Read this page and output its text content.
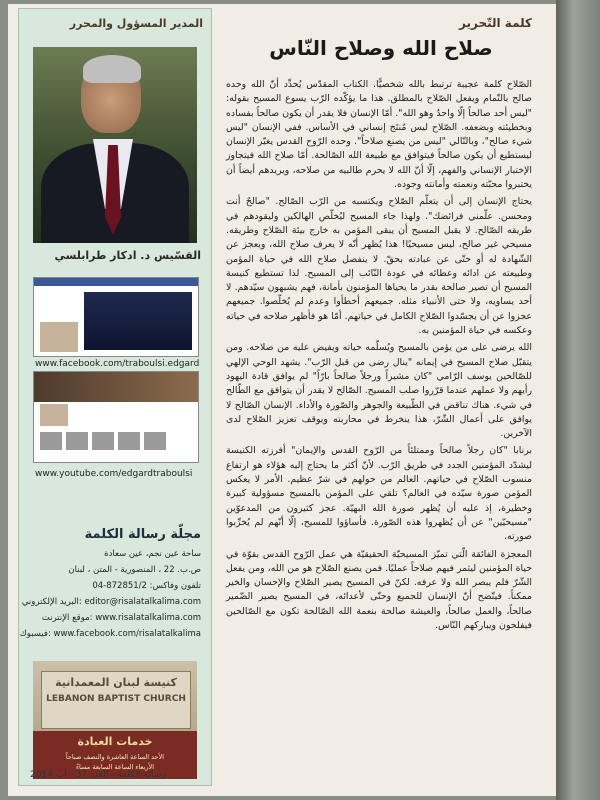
المدير المسؤول والمحرر
القسّيس د. ادكار طرابلسي
www.facebook.com/traboulsi.edgard
www.youtube.com/edgardtraboulsi
مجلّة رسالة الكلمة
ساحة عين نجم، عين سعادة
ص.ب. 22 ، المنصورية - المتن ، لبنان
تلفون وفاكس: 872851/2-04
البريد الإلكتروني: editor@risalatalkalima.com
موقع الإنترنت: www.risalatalkalima.com
فيسبوك: www.facebook.com/risalatalkalima
كنيسة لبنان المعمدانية
LEBANON BAPTIST CHURCH
خدمات العبادة
الأحد الساعة العاشرة والنصف صباحاً
الأربعاء الساعة السابعة مساءً
كلمة التّحرير
صلاح الله وصلاح النّاس

الصّلاح كلمة عجيبة ترتبط بالله شخصيًّا. الكتاب المقدّس يُحدِّد أنّ الله وحده صالح بالتّمام ويفعل الصّلاح بالمطلق. هذا ما يؤكّده الرّب يسوع المسيح بقوله: "ليس أحد صالحاً إلّا واحدٌ وهو الله". أمّا الإنسان فلا يقدر أن يكون صالحاً بفساده وبخطيئته وبضعفه. الصّلاح ليس مُنتَج إنساني في الأساس. ففي الإنسان "ليس شيء صالح"، وبالتّالي "ليس من يصنع صلاحاً". وحده الرّوح القدس يغيّر الإنسان ليستطيع أن يكون صالحاً فيتوافق مع طبيعة الله الصّالحة. أمّا صلاح الله فيتجاوز الإختبار الإنساني والفهم، إلّا أنّ الله لا يحرم طالبيه من صلاحه، ويريدهم أيضاً أن يختبروا محبّته ونعمته وأمانته وجوده.

يحتاج الإنسان إلى أن يتعلّم الصّلاح ويكتسبه من الرّب الصّالح. "صالحٌ أنت ومحسن. علّمني فرائضك". ولهذا جاء المسيح ليُخلّص الهالكين وليقودهم في طريقه الصّالح. لا يقبل المسيح أن يبقى المؤمن به خارج بيئة الصّلاح وطريقه. مسيحي غير صالح، ليس مسيحيًا! هذا يُظهر أنّه لا يعرف صلاح الله، ويعجز عن الشّهادة له أو حتّى عن عبادته بحقّ. لا ينفصل صلاح الله في حياة المؤمن وطبيعته عن ادائه وعطائه في عودة النّائب إلى المسيح. لذا تستطيع كنيسة المسيح أن تصير صالحة بقدر ما يحياها المؤمنون بأمانة، فهم يشبهون سيّدهم. لا أحد يساويه، ولا حتى الأنبياء مثله. جميعهم أخطأوا وعدم لم يُخلّصوا. جميعهم عجزوا عن أن يجسّدوا الصّلاح الكامل في حياتهم. أمّا هو فأظهر صلاحه في حياته وعكسه في حياة المؤمنين به.

الله يرضى على من يؤمن بالمسيح ويُسلّمه حياته ويفيض عليه من صلاحه. ومن يتقبّل صلاح المسيح في إيمانه "ينال رضى من قبل الرّب". يشهد الوحي الإلهي للصّالحين يوسف الرّامي "كان مشيراً ورجلاً صالحاً بارّاً" لم يوافق قادة اليهود رأيهم ولا عملهم عندما قرّروا صلب المسيح. الصّالح لا يقدر أن يتوافق مع الطّالح في شيء. هناك تناقض في الطّبيعة والجوهر والصّورة والأداء. الإنسان الصّالح لا يوافق على أعمال الشّرّ، هذا ينخرط في محاربته ويوقف تعزيز الصّلاح لدى الآخرين.

برنابا "كان رجلاً صالحاً وممتلئاً من الرّوح القدس والإيمان" أفرزته الكنيسة ليشدّد المؤمنين الجدد في طريق الرّب. لأنّ أكثر ما يحتاج إليه هؤلاء هو ارتفاع منسوب الصّلاح في حياتهم. العالم من حولهم في شرّ عظيم. الأمر لا يعكس المؤمن صورة سيّده في العالم؟ تلقي على المؤمن بالمسيح مسؤولية كبيرة وخطيرة، إذ عليه أن يُظهر صورة الله البهيّة. عجز كثيرون من المدعوّين "مسيحيّين" عن أن يُظهروا هذه الصّورة. فأساؤوا للمسيح، إلّا أنّهم لم يُخرِّبوا صورته.

المعجزة الفائقة الّتي تميّز المسيحيّة الحقيقيّة هي عمل الرّوح القدس بقوّة في حياة المؤمنين ليثمر فيهم صلاحاً عمليًا. فمن يصنع الصّلاح هو من الله، ومن يفعل الشّرّ فلم يبصر الله ولا عرفه. لكنّ في المسيح يصير الصّلاح والإحسان والخير ممكناً. فيتّضح أنّ الإنسان للجميع وحتّى لأعدائه، في المسيح يصير الضّمير صالحاً، والعمل صالحاً، والعيشة صالحة بنعمة الله الصّالحة تكون مع الصّالحين فيفلحون ويباركهم النّاس.

رسالة الكلمة - العدد 37 - آب 2014
